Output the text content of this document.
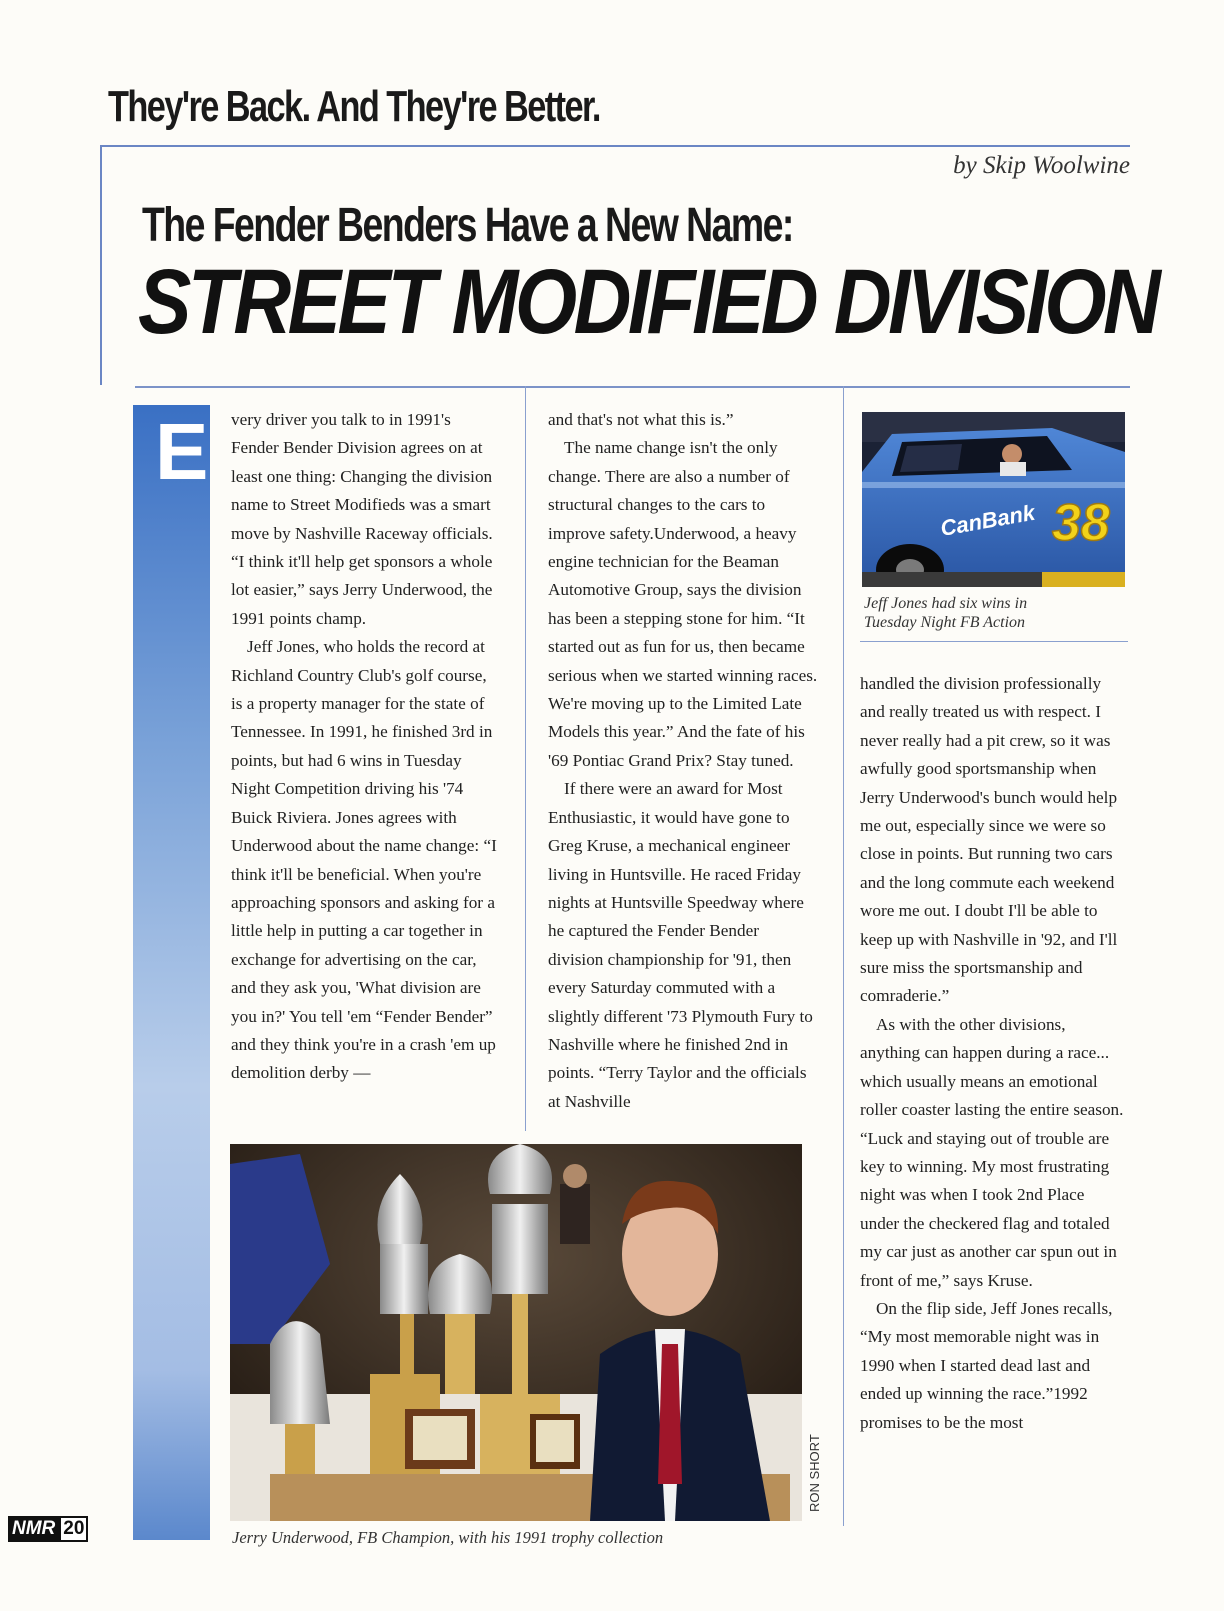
They're Back. And They're Better.
by Skip Woolwine
The Fender Benders Have a New Name:
STREET MODIFIED DIVISION
E very driver you talk to in 1991's Fender Bender Division agrees on at least one thing: Changing the division name to Street Modifieds was a smart move by Nashville Raceway officials. “I think it'll help get sponsors a whole lot easier,” says Jerry Underwood, the 1991 points champ.

Jeff Jones, who holds the record at Richland Country Club's golf course, is a property manager for the state of Tennessee. In 1991, he finished 3rd in points, but had 6 wins in Tuesday Night Competition driving his '74 Buick Riviera. Jones agrees with Underwood about the name change: “I think it'll be beneficial. When you're approaching sponsors and asking for a little help in putting a car together in exchange for advertising on the car, and they ask you, 'What division are you in?' You tell 'em “Fender Bender” and they think you're in a crash 'em up demolition derby —

and that's not what this is.”

The name change isn't the only change. There are also a number of structural changes to the cars to improve safety.Underwood, a heavy engine technician for the Beaman Automotive Group, says the division has been a stepping stone for him. “It started out as fun for us, then became serious when we started winning races. We're moving up to the Limited Late Models this year.” And the fate of his '69 Pontiac Grand Prix? Stay tuned.

If there were an award for Most Enthusiastic, it would have gone to Greg Kruse, a mechanical engineer living in Huntsville. He raced Friday nights at Huntsville Speedway where he captured the Fender Bender division championship for '91, then every Saturday commuted with a slightly different '73 Plymouth Fury to Nashville where he finished 2nd in points. “Terry Taylor and the officials at Nashville

CanBank 38
Jeff Jones had six wins in
Tuesday Night FB Action

handled the division professionally and really treated us with respect. I never really had a pit crew, so it was awfully good sportsmanship when Jerry Underwood's bunch would help me out, especially since we were so close in points. But running two cars and the long commute each weekend wore me out. I doubt I'll be able to keep up with Nashville in '92, and I'll sure miss the sportsmanship and comraderie.”

As with the other divisions, anything can happen during a race... which usually means an emotional roller coaster lasting the entire season. “Luck and staying out of trouble are key to winning. My most frustrating night was when I took 2nd Place under the checkered flag and totaled my car just as another car spun out in front of me,” says Kruse.

On the flip side, Jeff Jones recalls, “My most memorable night was in 1990 when I started dead last and ended up winning the race.”1992 promises to be the most

RON SHORT
Jerry Underwood, FB Champion, with his 1991 trophy collection
NMR 20
